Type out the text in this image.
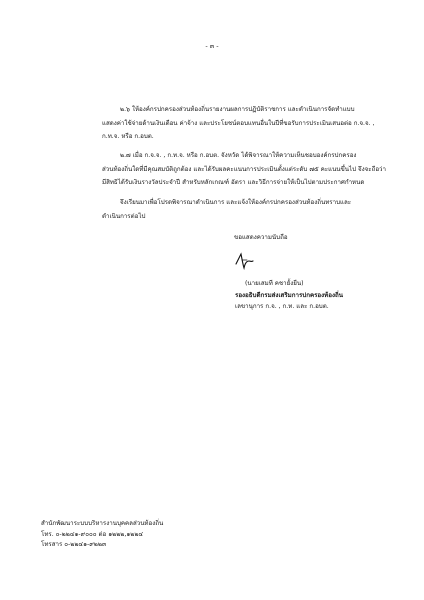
- ๓ -
๒.๖ ให้องค์กรปกครองส่วนท้องถิ่นรายงานผลการปฏิบัติราชการ และดำเนินการจัดทำแบบ
แสดงค่าใช้จ่ายด้านเงินเดือน ค่าจ้าง และประโยชน์ตอบแทนอื่นในปีที่ขอรับการประเมินเสนอต่อ ก.จ.จ. ,
ก.ท.จ. หรือ ก.อบต.
๒.๗ เมื่อ ก.จ.จ. , ก.ท.จ. หรือ ก.อบต. จังหวัด ได้พิจารณาให้ความเห็นชอบองค์กรปกครอง
ส่วนท้องถิ่นใดที่มีคุณสมบัติถูกต้อง และได้รับผลคะแนนการประเมินตั้งแต่ระดับ ๗๕ คะแนนขึ้นไป จึงจะถือว่า
มีสิทธิได้รับเงินรางวัลประจำปี สำหรับหลักเกณฑ์ อัตรา และวิธีการจ่ายให้เป็นไปตามประกาศกำหนด
จึงเรียนมาเพื่อโปรดพิจารณาดำเนินการ และแจ้งให้องค์กรปกครองส่วนท้องถิ่นทราบและ
ดำเนินการต่อไป
ขอแสดงความนับถือ
(นายเสมที คชายั้งยืน)
รองอธิบดีกรมส่งเสริมการปกครองท้องถิ่น
เลขานุการ ก.จ. , ก.ท. และ ก.อบต.
สำนักพัฒนาระบบบริหารงานบุคคลส่วนท้องถิ่น
โทร. ๐-๒๒๔๑-๙๐๐๐ ต่อ ๑๒๒๒,๑๒๒๔
โทรสาร ๐-๒๒๔๑-๙๒๒๓
